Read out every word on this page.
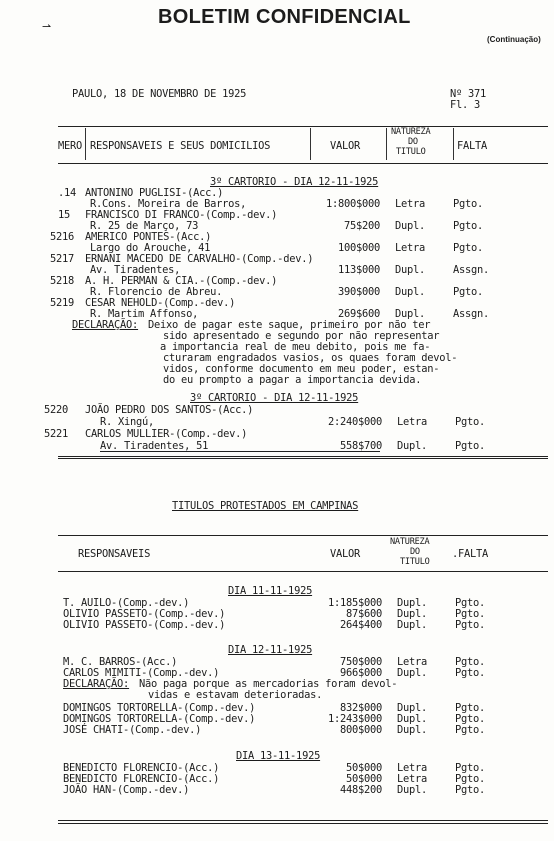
BOLETIM CONFIDENCIAL
(Continuação)
⇀
PAULO, 18 DE NOVEMBRO DE 1925	Nº 371
Fl. 3
MERO RESPONSAVEIS E SEUS DOMICILIOS	VALOR
NATUREZA
DO
TITULO	FALTA
3º CARTORIO - DIA 12-11-1925
.14 ANTONINO PUGLISI-(Acc.)
R.Cons. Moreira de Barros,	1:800$000 Letra	Pgto.
15 FRANCISCO DI FRANCO-(Comp.-dev.)
R. 25 de Março, 73	75$200 Dupl.	Pgto.
5216 AMERICO PONTES-(Acc.)
Largo do Arouche, 41	100$000 Letra	Pgto.
5217 ERNANI MACEDO DE CARVALHO-(Comp.-dev.)
Av. Tiradentes,	113$000 Dupl.	Assgn.
5218 A. H. PERMAN & CIA.-(Comp.-dev.)
R. Florencio de Abreu.	390$000 Dupl.	Pgto.
5219 CESAR NEHOLD-(Comp.-dev.)
R. Martim Affonso,	269$600 Dupl.	Assgn.
DECLARAÇÃO: Deixo de pagar este saque, primeiro por não ter
sido apresentado e segundo por não representar
a importancia real de meu debito, pois me fa-
cturaram engradados vasios, os quaes foram devol-
vidos, conforme documento em meu poder, estan-
do eu prompto a pagar a importancia devida.
3º CARTORIO - DIA 12-11-1925
5220 JOÃO PEDRO DOS SANTOS-(Acc.)
R. Xingú,	2:240$000 Letra	Pgto.
5221 CARLOS MULLIER-(Comp.-dev.)
Av. Tiradentes, 51	558$700 Dupl.	Pgto.
TITULOS PROTESTADOS EM CAMPINAS
RESPONSAVEIS	VALOR
NATUREZA
DO
TITULO
.FALTA
DIA 11-11-1925
T. AUILO-(Comp.-dev.)	1:185$000 Dupl.	Pgto.
OLIVIO PASSETO-(Comp.-dev.)	87$600 Dupl.	Pgto.
OLIVIO PASSETO-(Comp.-dev.)	264$400 Dupl.	Pgto.
DIA 12-11-1925
M. C. BARROS-(Acc.)	750$000 Letra	Pgto.
CARLOS MIMITI-(Comp.-dev.)	966$000 Dupl.	Pgto.
DECLARAÇÃO: Não paga porque as mercadorias foram devol-
vidas e estavam deterioradas.
DOMINGOS TORTORELLA-(Comp.-dev.)	832$000 Dupl.	Pgto.
DOMINGOS TORTORELLA-(Comp.-dev.)	1:243$000 Dupl.	Pgto.
JOSÉ CHATI-(Comp.-dev.)	800$000 Dupl.	Pgto.
DIA 13-11-1925
BENEDICTO FLORENCIO-(Acc.)	50$000 Letra	Pgto.
BENEDICTO FLORENCIO-(Acc.)	50$000 Letra	Pgto.
JOÃO HAN-(Comp.-dev.)	448$200 Dupl.	Pgto.
